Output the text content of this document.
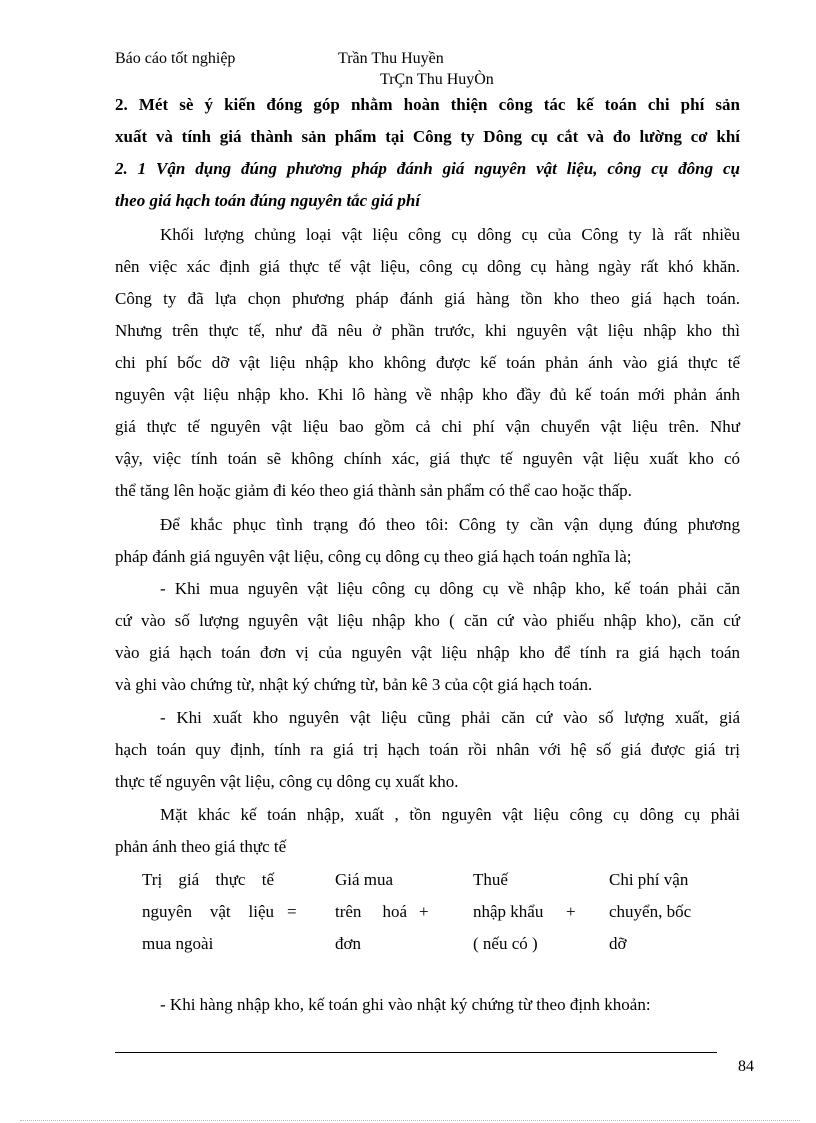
Báo cáo tốt nghiệp	Trần Thu Huyền
TrÇn Thu HuyÒn
2. Mét sè ý kiến đóng góp nhằm hoàn thiện công tác kế toán chi phí sản
xuất và tính giá thành sản phẩm tại Công ty Dông cụ cắt và đo lường cơ khí
2. 1 Vận dụng đúng phương pháp đánh giá nguyên vật liệu, công cụ đông cụ
theo giá hạch toán đúng nguyên tắc giá phí
Khối lượng chủng loại vật liệu công cụ dông cụ của Công ty là rất nhiều
nên việc xác định giá thực tế vật liệu, công cụ dông cụ hàng ngày rất khó khăn.
Công ty đã lựa chọn phương pháp đánh giá hàng tồn kho theo giá hạch toán.
Nhưng trên thực tế, như đã nêu ở phần trước, khi nguyên vật liệu nhập kho thì
chi phí bốc dỡ vật liệu nhập kho không được kế toán phản ánh vào giá thực tế
nguyên vật liệu nhập kho. Khi lô hàng về nhập kho đầy đủ kế toán mới phản ánh
giá thực tế nguyên vật liệu bao gồm cả chi phí vận chuyển vật liệu trên. Như
vậy, việc tính toán sẽ không chính xác, giá thực tế nguyên vật liệu xuất kho có
thể tăng lên hoặc giảm đi kéo theo giá thành sản phẩm có thể cao hoặc thấp.
Để khắc phục tình trạng đó theo tôi: Công ty cần vận dụng đúng phương
pháp đánh giá nguyên vật liệu, công cụ dông cụ theo giá hạch toán nghĩa là;
- Khi mua nguyên vật liệu công cụ dông cụ về nhập kho, kế toán phải căn
cứ vào số lượng nguyên vật liệu nhập kho ( căn cứ vào phiếu nhập kho), căn cứ
vào giá hạch toán đơn vị của nguyên vật liệu nhập kho để tính ra giá hạch toán
và ghi vào chứng từ, nhật ký chứng từ, bản kê 3 của cột giá hạch toán.
- Khi xuất kho nguyên vật liệu cũng phải căn cứ vào số lượng xuất, giá
hạch toán quy định, tính ra giá trị hạch toán rồi nhân với hệ số giá được giá trị
thực tế nguyên vật liệu, công cụ dông cụ xuất kho.
Mặt khác kế toán nhập, xuất , tồn nguyên vật liệu công cụ dông cụ phải
phản ánh theo giá thực tế
Trị giá thực tế
nguyên vật liệu
mua ngoài
=
Giá mua
trên hoá
đơn
+
Thuế
nhập khẩu
( nếu có )
+
Chi phí vận
chuyển, bốc
dỡ
- Khi hàng nhập kho, kế toán ghi vào nhật ký chứng từ theo định khoản:
84
